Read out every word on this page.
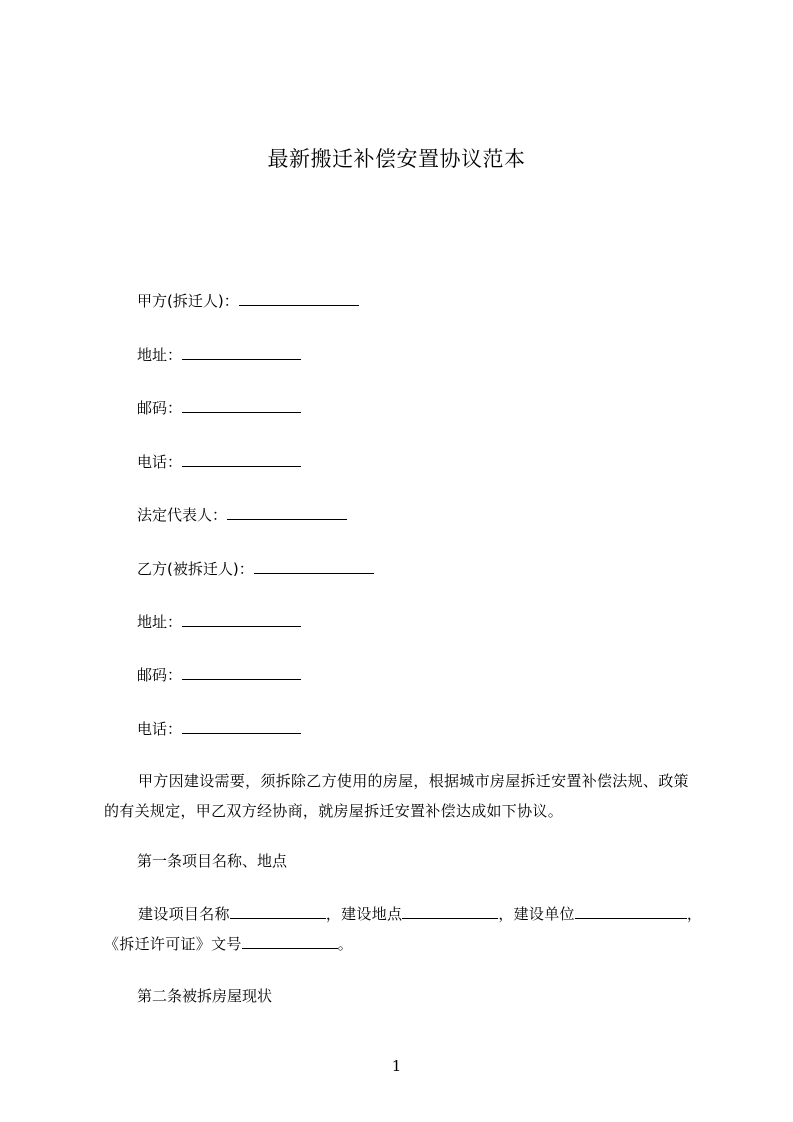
最新搬迁补偿安置协议范本
甲方(拆迁人)：
地址：
邮码：
电话：
法定代表人：
乙方(被拆迁人)：
地址：
邮码：
电话：
甲方因建设需要，须拆除乙方使用的房屋，根据城市房屋拆迁安置补偿法规、政策的有关规定，甲乙双方经协商，就房屋拆迁安置补偿达成如下协议。
第一条项目名称、地点
建设项目名称	，建设地点	，建设单位	，《拆迁许可证》文号	。
第二条被拆房屋现状
1
